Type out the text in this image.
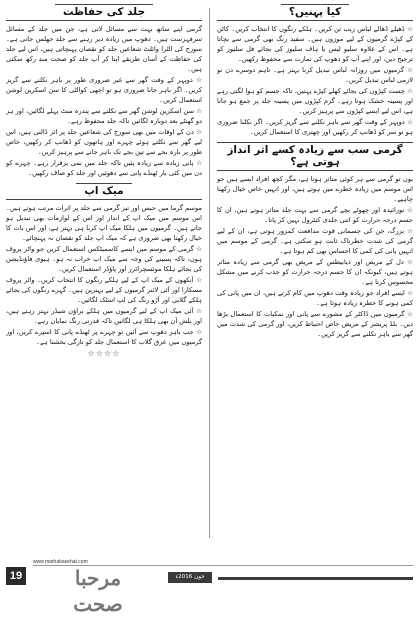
کیا پہنیں؟

☆ ڈھیلے ڈھالے لباس زیب تن کریں۔ ہلکے رنگوں کا انتخاب کریں۔ کاٹن کے کپڑے گرمیوں کے لیے موزوں ہیں۔ سفید رنگ بھی گرمی سے بچاتا ہے۔ اس کے علاوہ سلیو لیس یا ہاف سلیوز کی بجائے فل سلیوز کو ترجیح دیں، اور اپنے آپ کو دھوپ کی تمازت سے محفوظ رکھیں۔

☆ گرمیوں میں روزانہ لباس تبدیل کرنا بہتر ہے۔ تاہم دوسرے دن تو لازمی لباس تبدیل کریں۔

☆ چست کپڑوں کی بجائے کھلے کپڑے پہنیں، تاکہ جسم کو ہوا لگتی رہے اور پسینہ خشک ہوتا رہے۔ گرم کپڑوں میں پسینہ جلد پر جمع ہو جاتا ہے، اس لیے ایسے کپڑوں سے پرہیز کریں۔

☆ دوپہر کے وقت گھر سے باہر نکلنے سے گریز کریں۔ اگر نکلنا ضروری ہو تو سر کو ڈھانپ کر رکھیں اور چھتری کا استعمال کریں۔

گرمی سب سے زیادہ کسے اثر انداز ہوتی ہے؟

یوں تو گرمی سے ہر کوئی متاثر ہوتا ہے، مگر کچھ افراد ایسے ہیں جو اس موسم میں زیادہ خطرے میں ہوتے ہیں، اور انہیں خاص خیال رکھنا چاہیے۔

☆ نوزائیدہ اور چھوٹے بچے گرمی سے بہت جلد متاثر ہوتے ہیں، ان کا جسم درجہ حرارت کو اتنی جلدی کنٹرول نہیں کر پاتا۔

☆ بزرگ، جن کی جسمانی قوت مدافعت کمزور ہوتی ہے، ان کے لیے گرمی کی شدت خطرناک ثابت ہو سکتی ہے۔ گرمی کے موسم میں انہیں پانی کی کمی کا احساس بھی کم ہوتا ہے۔

☆ دل کے مریض اور ذیابیطس کے مریض بھی گرمی سے زیادہ متاثر ہوتے ہیں، کیونکہ ان کا جسم درجہ حرارت کو جذب کرنے میں مشکل محسوس کرتا ہے۔

☆ ایسے افراد جو زیادہ وقت دھوپ میں کام کرتے ہیں، ان میں پانی کی کمی ہونے کا خطرہ زیادہ ہوتا ہے۔

☆ گرمیوں میں ڈاکٹر کے مشورے سے پانی اور نمکیات کا استعمال بڑھا دیں۔ بلڈ پریشر کے مریض خاص احتیاط کریں، اور گرمی کی شدت میں گھر سے باہر نکلنے سے گریز کریں۔

جلد کی حفاظت

گرمی اپنے ساتھ بہت سے مسائل لاتی ہے، جن میں جلد کے مسائل سرفہرست ہیں۔ دھوپ میں زیادہ دیر رہنے سے جلد جھلس جاتی ہے۔ سورج کی الٹرا وائلٹ شعاعیں جلد کو نقصان پہنچاتی ہیں، اس لیے جلد کی حفاظت کے آسان طریقے اپنا کر آپ جلد کو صحت مند رکھ سکتی ہیں۔

☆ دوپہر کے وقت گھر سے غیر ضروری طور پر باہر نکلنے سے گریز کریں۔ اگر باہر جانا ضروری ہو تو اچھی کوالٹی کا سن اسکرین لوشن استعمال کریں۔

☆ سن اسکرین لوشن گھر سے نکلنے سے پندرہ منٹ پہلے لگائیں، اور ہر دو گھنٹے بعد دوبارہ لگائیں تاکہ جلد محفوظ رہے۔

☆ دن کے اوقات میں بھی سورج کی شعاعیں جلد پر اثر ڈالتی ہیں، اس لیے گھر سے نکلتے ہوئے چہرے اور ہاتھوں کو ڈھانپ کر رکھیں، خاص طور پر بارہ بجے سے تین بجے تک باہر جانے سے پرہیز کریں۔

☆ پانی زیادہ سے زیادہ پئیں تاکہ جلد میں نمی برقرار رہے۔ چہرے کو دن میں کئی بار ٹھنڈے پانی سے دھوئیں اور جلد کو صاف رکھیں۔

میک اپ

موسم گرما میں حبس اور تیز گرمی سے جلد پر اثرات مرتب ہوتے ہیں۔ اس موسم میں میک اپ کے انداز اور اس کے لوازمات بھی تبدیل ہو جاتے ہیں۔ گرمیوں میں ہلکا میک اپ کرنا ہی بہتر ہے، اور اس بات کا خیال رکھنا بھی ضروری ہے کہ میک اپ جلد کو نقصان نہ پہنچائے۔

☆ گرمی کے موسم میں ایسے کاسمیٹکس استعمال کریں جو واٹر پروف ہوں، تاکہ پسینے کی وجہ سے میک اپ خراب نہ ہو۔ ہیوی فاؤنڈیشن کی بجائے ہلکا موئسچرائزر اور پاؤڈر استعمال کریں۔

☆ آنکھوں کے میک اپ کے لیے ہلکے رنگوں کا انتخاب کریں۔ واٹر پروف مسکارا اور آئی لائنر گرمیوں کے لیے بہترین ہیں۔ گہرے رنگوں کی بجائے ہلکے گلابی اور آڑو رنگ کی لپ اسٹک لگائیں۔

☆ آئی میک اپ کے لیے گرمیوں میں ہلکے براؤن شیڈز بہتر رہتے ہیں، اور بلش آن بھی ہلکا ہی لگائیں تاکہ قدرتی رنگ نمایاں رہے۔

☆ جب باہر دھوپ سے آئیں تو چہرے پر ٹھنڈے پانی کا اسپرے کریں، اور گرمیوں میں عرق گلاب کا استعمال جلد کو تازگی بخشتا ہے۔

☆☆☆☆
19
www.marhabasehat.com
مرحبا صحت
جون 2016ء
